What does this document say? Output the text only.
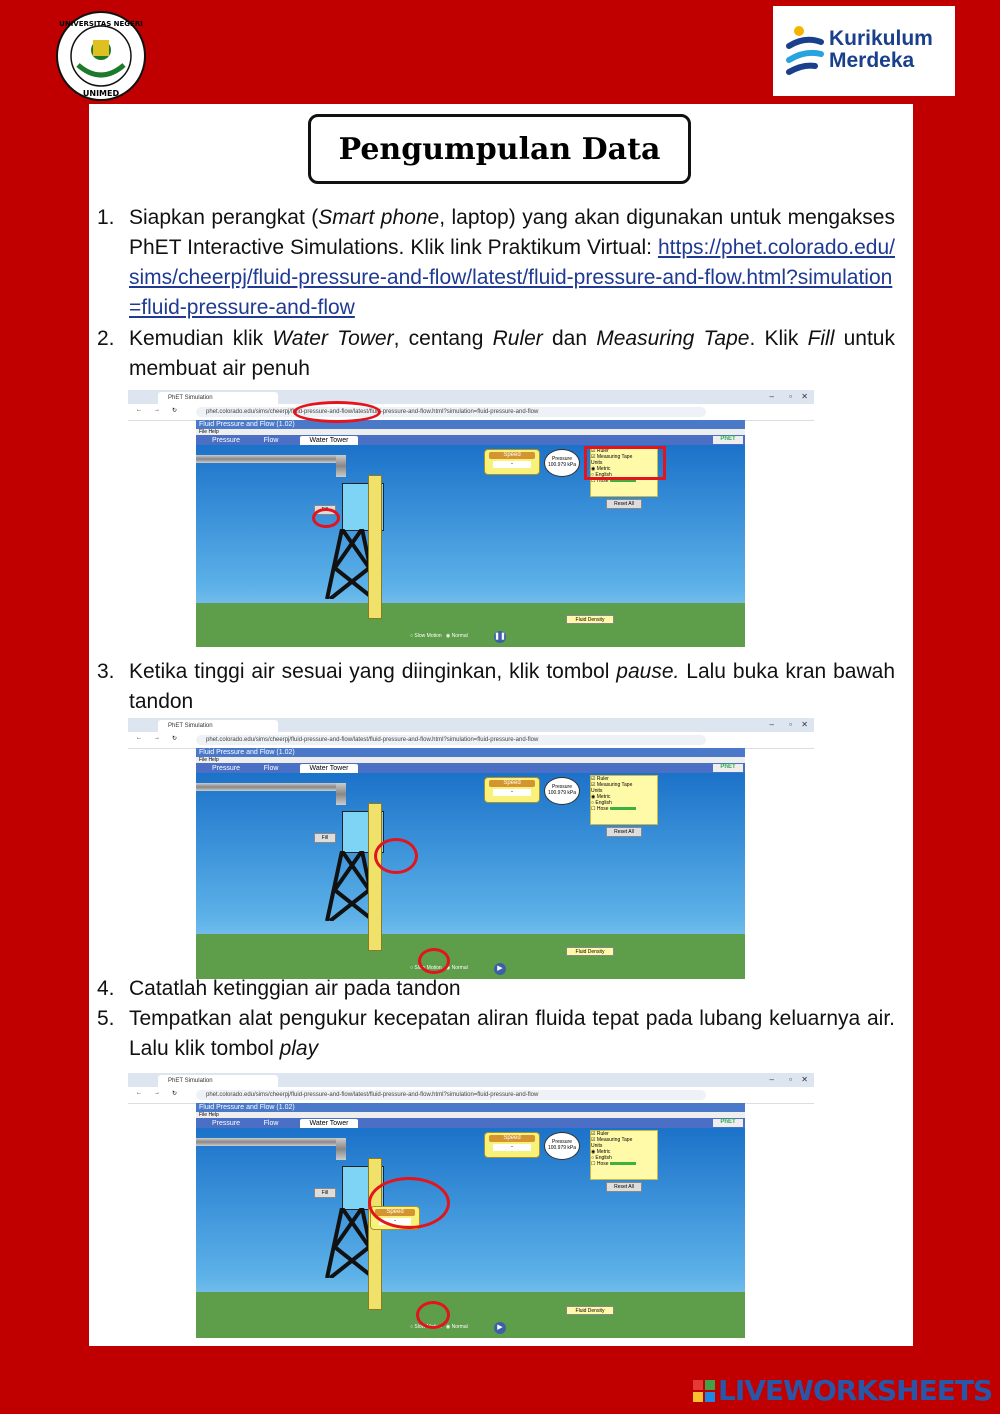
UNIVERSITAS NEGERI
UNIMED
Kurikulum
Merdeka
Pengumpulan Data
1. Siapkan perangkat (Smart phone, laptop) yang akan digunakan untuk mengakses PhET Interactive Simulations. Klik link Praktikum Virtual: https://phet.colorado.edu/sims/cheerpj/fluid-pressure-and-flow/latest/fluid-pressure-and-flow.html?simulation=fluid-pressure-and-flow
2. Kemudian klik Water Tower, centang Ruler dan Measuring Tape. Klik Fill untuk membuat air penuh
PhET Simulation	– ▫ ✕
← → ↻	phet.colorado.edu/sims/cheerpj/fluid-pressure-and-flow/latest/fluid-pressure-and-flow.html?simulation=fluid-pressure-and-flow
Fluid Pressure and Flow (1.02)
File Help
Pressure	Flow	Water Tower	PhET
Fill
Speed
-
Pressure
100.979 kPa
☑ Ruler
☑ Measuring Tape
Units
◉ Metric
○ English
☐ Hose
Reset All
Fluid Density
○ Slow Motion ◉ Normal	❚❚
3. Ketika tinggi air sesuai yang diinginkan, klik tombol pause. Lalu buka kran bawah tandon
PhET Simulation	– ▫ ✕
← → ↻	phet.colorado.edu/sims/cheerpj/fluid-pressure-and-flow/latest/fluid-pressure-and-flow.html?simulation=fluid-pressure-and-flow
Fluid Pressure and Flow (1.02)
File Help
Pressure	Flow	Water Tower	PhET
Fill
Speed
-
Pressure
100.979 kPa
☑ Ruler
☑ Measuring Tape
Units
◉ Metric
○ English
☐ Hose
Reset All
Fluid Density
○ Slow Motion ◉ Normal	▶
4. Catatlah ketinggian air pada tandon
5. Tempatkan alat pengukur kecepatan aliran fluida tepat pada lubang keluarnya air. Lalu klik tombol play
PhET Simulation	– ▫ ✕
← → ↻	phet.colorado.edu/sims/cheerpj/fluid-pressure-and-flow/latest/fluid-pressure-and-flow.html?simulation=fluid-pressure-and-flow
Fluid Pressure and Flow (1.02)
File Help
Pressure	Flow	Water Tower	PhET
Fill
Speed
-
Pressure
100.979 kPa
☑ Ruler
☑ Measuring Tape
Units
◉ Metric
○ English
☐ Hose
Reset All
Fluid Density
○ Slow Motion ◉ Normal	▶
Speed
-
LIVEWORKSHEETS
